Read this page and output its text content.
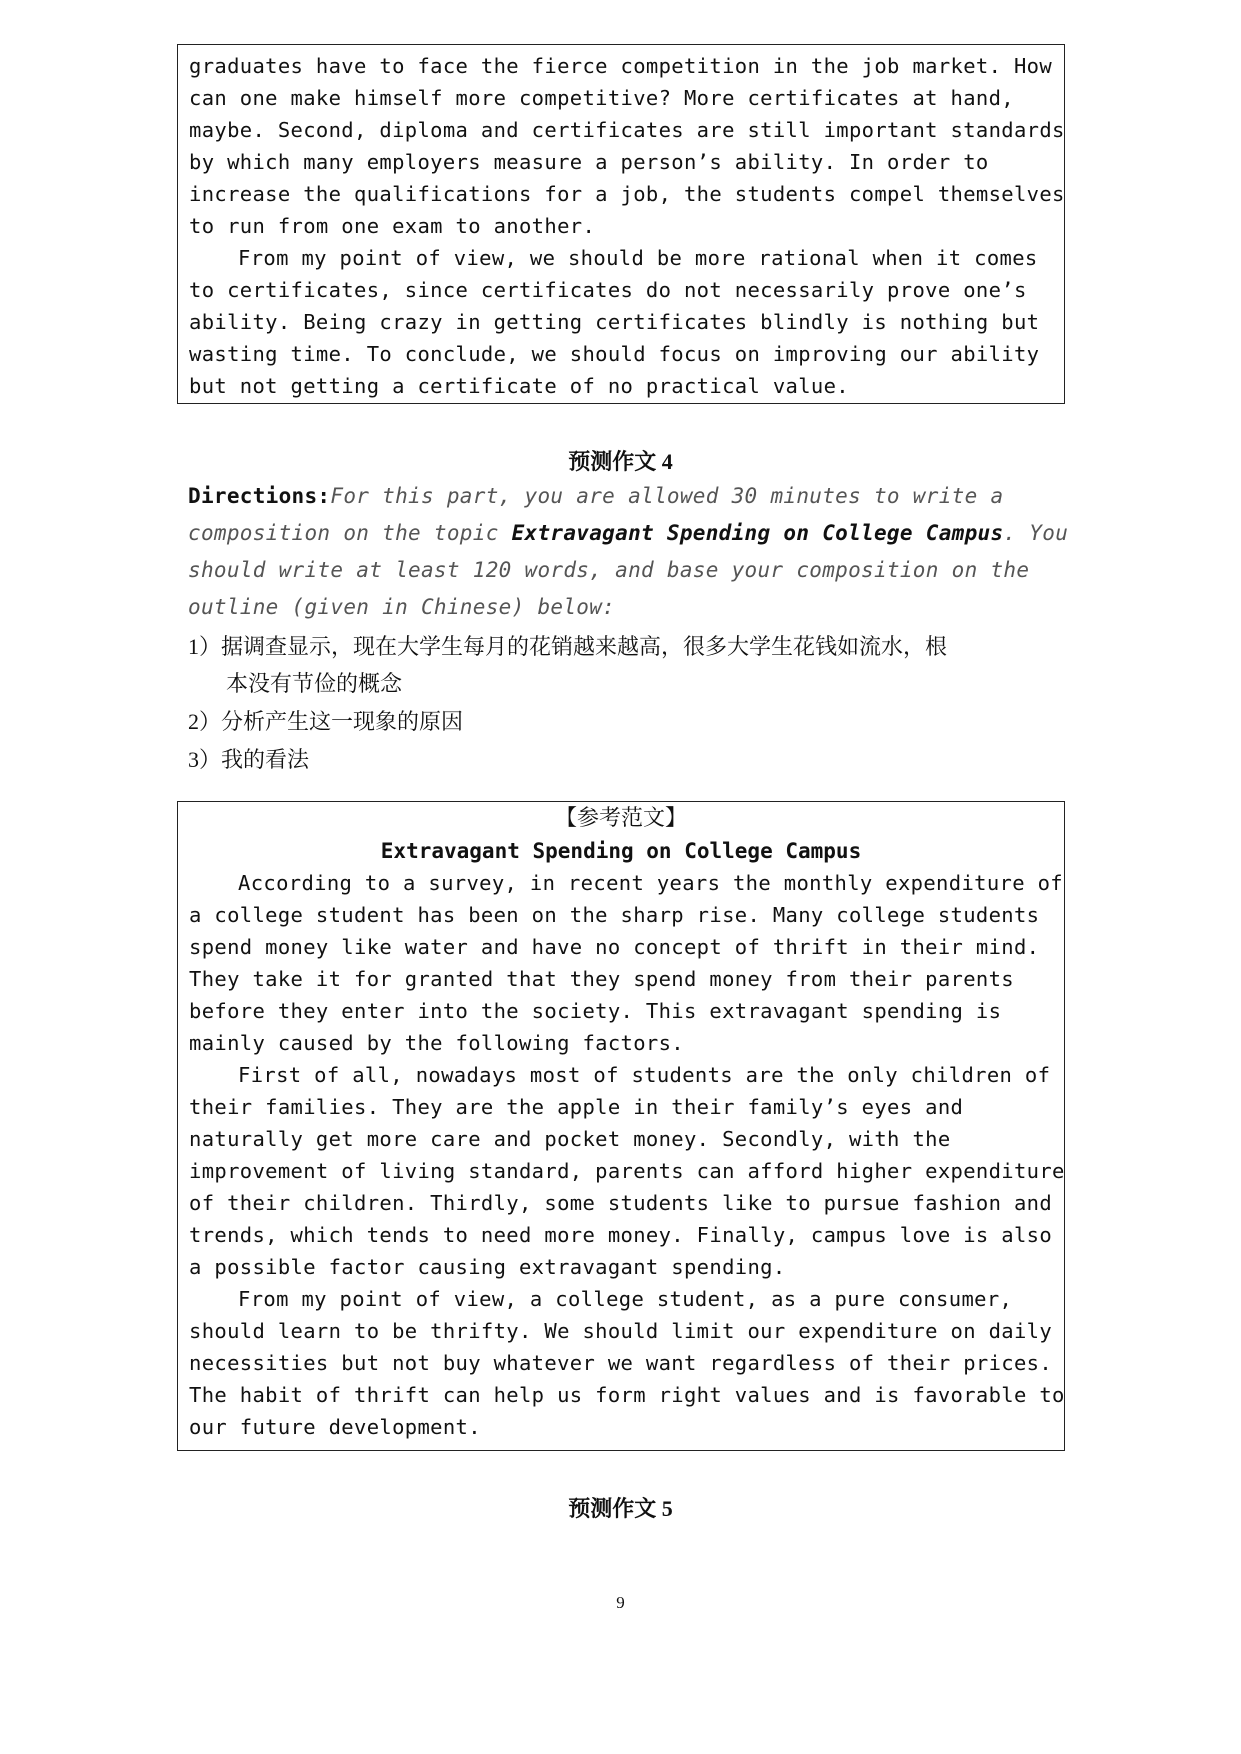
graduates have to face the fierce competition in the job market. How
can one make himself more competitive? More certificates at hand,
maybe. Second, diploma and certificates are still important standards
by which many employers measure a person’s ability. In order to
increase the qualifications for a job, the students compel themselves
to run from one exam to another.
From my point of view, we should be more rational when it comes
to certificates, since certificates do not necessarily prove one’s
ability. Being crazy in getting certificates blindly is nothing but
wasting time. To conclude, we should focus on improving our ability
but not getting a certificate of no practical value.
预测作文 4
Directions:For this part, you are allowed 30 minutes to write a
composition on the topic Extravagant Spending on College Campus. You
should write at least 120 words, and base your composition on the
outline (given in Chinese) below:
1）据调查显示，现在大学生每月的花销越来越高，很多大学生花钱如流水，根
本没有节俭的概念
2）分析产生这一现象的原因
3）我的看法
【参考范文】
Extravagant Spending on College Campus
According to a survey, in recent years the monthly expenditure of
a college student has been on the sharp rise. Many college students
spend money like water and have no concept of thrift in their mind.
They take it for granted that they spend money from their parents
before they enter into the society. This extravagant spending is
mainly caused by the following factors.
First of all, nowadays most of students are the only children of
their families. They are the apple in their family’s eyes and
naturally get more care and pocket money. Secondly, with the
improvement of living standard, parents can afford higher expenditure
of their children. Thirdly, some students like to pursue fashion and
trends, which tends to need more money. Finally, campus love is also
a possible factor causing extravagant spending.
From my point of view, a college student, as a pure consumer,
should learn to be thrifty. We should limit our expenditure on daily
necessities but not buy whatever we want regardless of their prices.
The habit of thrift can help us form right values and is favorable to
our future development.
预测作文 5
9
